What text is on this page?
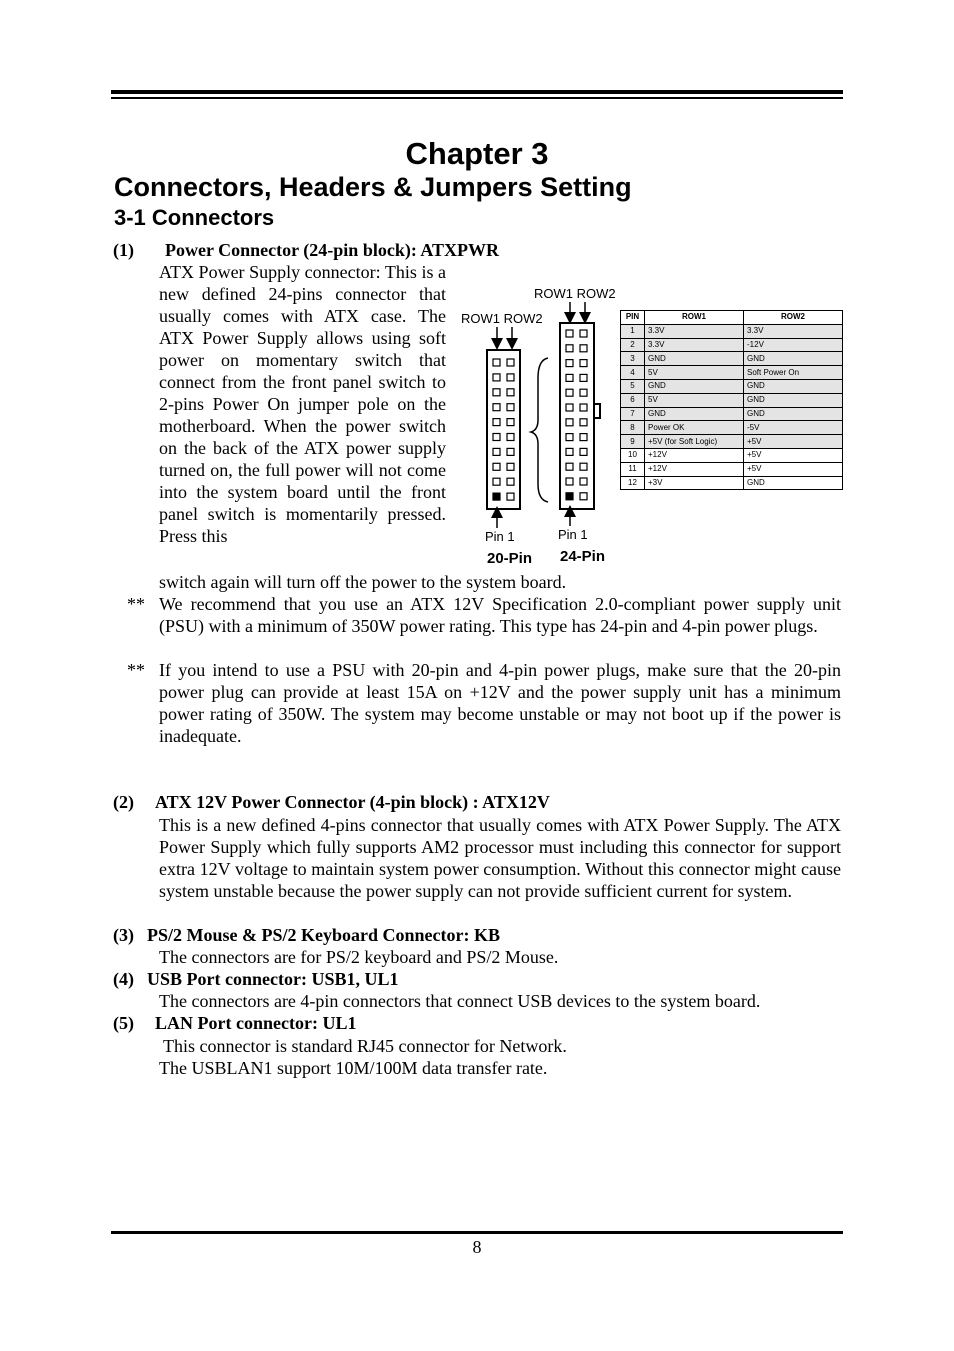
Chapter 3
Connectors, Headers & Jumpers Setting
3-1 Connectors
(1) Power Connector (24-pin block): ATXPWR
ATX Power Supply connector: This is a new defined 24-pins connector that usually comes with ATX case. The ATX Power Supply allows using soft power on momentary switch that connect from the front panel switch to 2-pins Power On jumper pole on the motherboard. When the power switch on the back of the ATX power supply turned on, the full power will not come into the system board until the front panel switch is momentarily pressed. Press this
switch again will turn off the power to the system board.
ROW1 ROW2
ROW1 ROW2
Pin 1	Pin 1
20-Pin 24-Pin
PIN	ROW1	ROW2
1	3.3V	3.3V
2	3.3V	-12V
3	GND	GND
4	5V	Soft Power On
5	GND	GND
6	5V	GND
7	GND	GND
8	Power OK	-5V
9	+5V (for Soft Logic)	+5V
10	+12V	+5V
11	+12V	+5V
12	+3V	GND
** We recommend that you use an ATX 12V Specification 2.0-compliant power supply unit (PSU) with a minimum of 350W power rating. This type has 24-pin and 4-pin power plugs.
** If you intend to use a PSU with 20-pin and 4-pin power plugs, make sure that the 20-pin power plug can provide at least 15A on +12V and the power supply unit has a minimum power rating of 350W. The system may become unstable or may not boot up if the power is inadequate.
(2) ATX 12V Power Connector (4-pin block) : ATX12V
This is a new defined 4-pins connector that usually comes with ATX Power Supply. The ATX Power Supply which fully supports AM2 processor must including this connector for support extra 12V voltage to maintain system power consumption. Without this connector might cause system unstable because the power supply can not provide sufficient current for system.
(3) PS/2 Mouse & PS/2 Keyboard Connector: KB
The connectors are for PS/2 keyboard and PS/2 Mouse.
(4) USB Port connector: USB1, UL1
The connectors are 4-pin connectors that connect USB devices to the system board.
(5) LAN Port connector: UL1
This connector is standard RJ45 connector for Network.
The USBLAN1 support 10M/100M data transfer rate.
8
